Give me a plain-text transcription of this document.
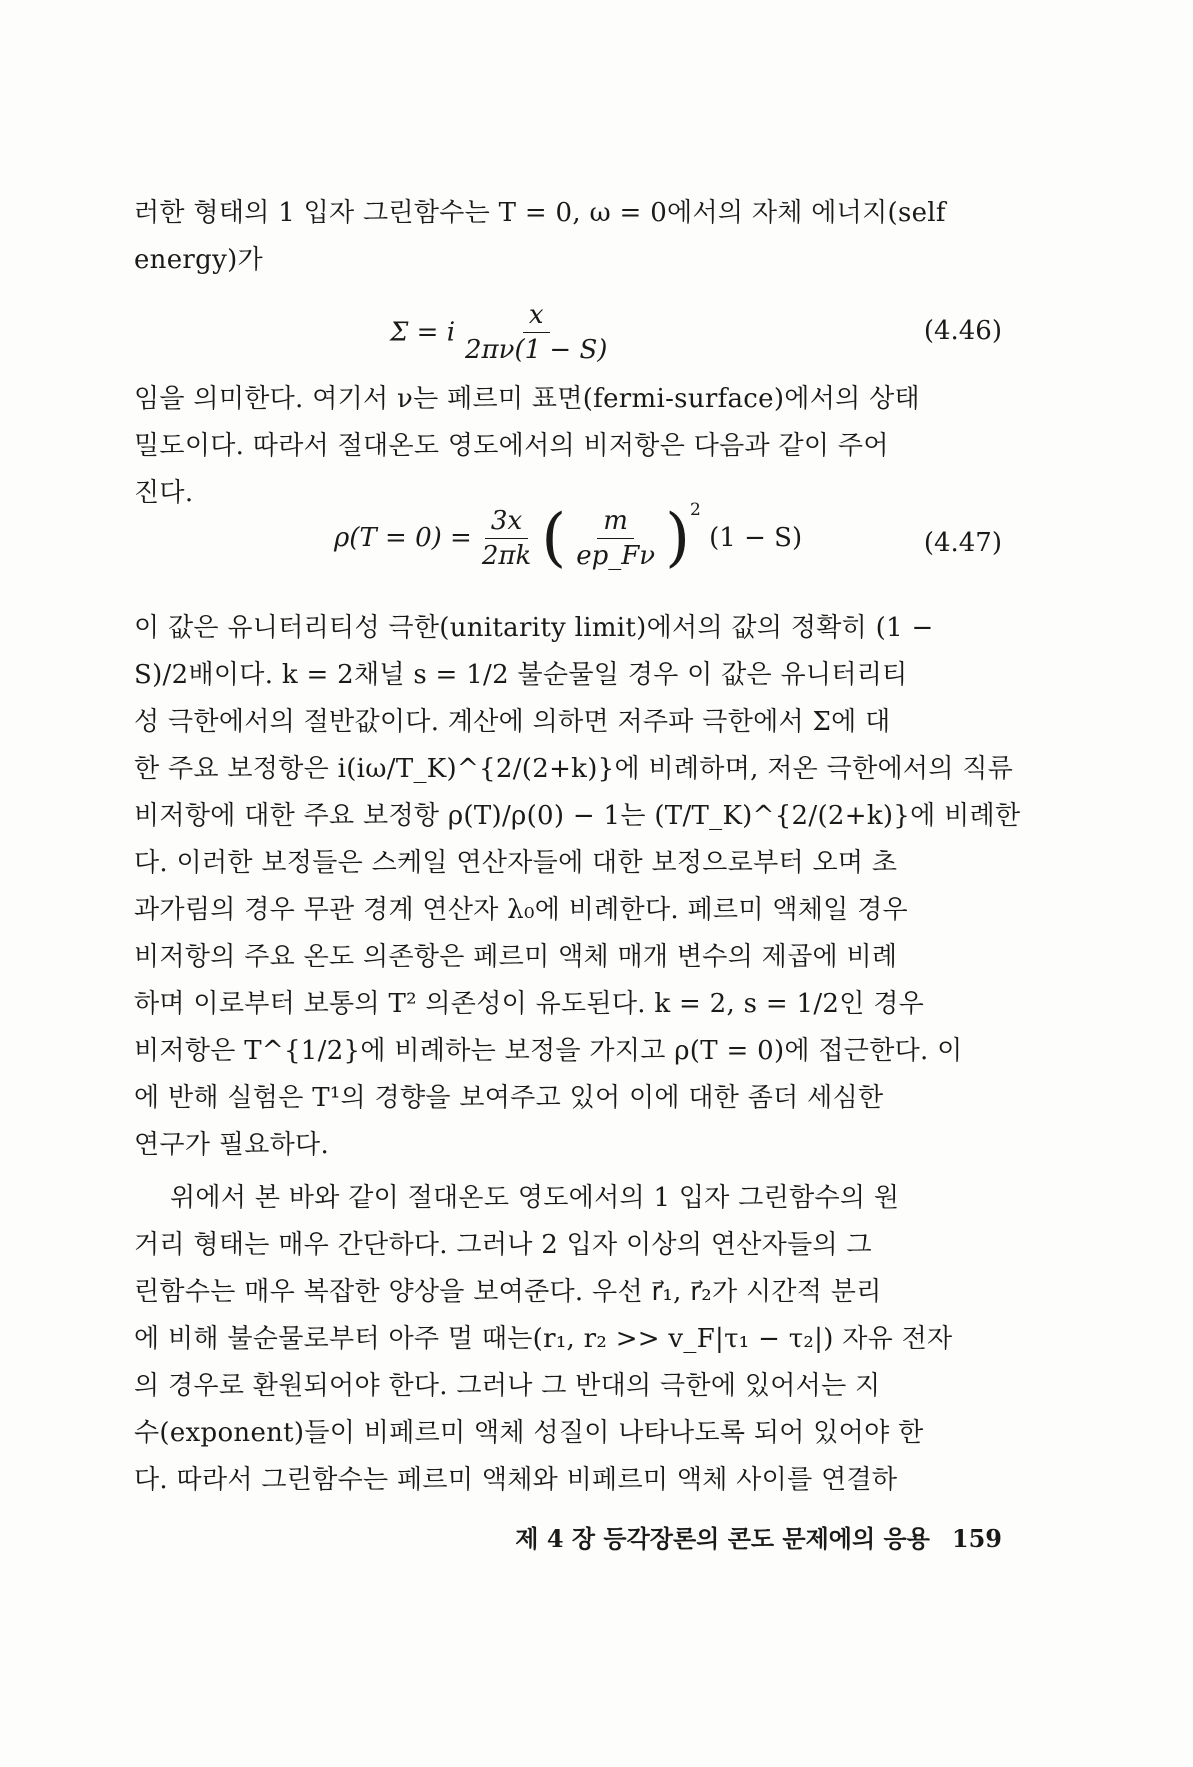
러한 형태의 1 입자 그린함수는 T = 0, ω = 0에서의 자체 에너지(self
energy)가
Σ = i $\frac{x}{2\pi\nu(1 - S)}$	(4.46)
임을 의미한다. 여기서 ν는 페르미 표면(fermi-surface)에서의 상태
밀도이다. 따라서 절대온도 영도에서의 비저항은 다음과 같이 주어
진다.
$\rho(T = 0) = \frac{3x}{2\pi k}$ ( $\frac{m}{ep\_F\nu} )^2$ (1 − S)	(4.47)
이 값은 유니터리티성 극한(unitarity limit)에서의 값의 정확히 (1 −
S)/2배이다. k = 2채널 s = 1/2 불순물일 경우 이 값은 유니터리티
성 극한에서의 절반값이다. 계산에 의하면 저주파 극한에서 Σ에 대
한 주요 보정항은 i(iω/T_K)^{2/(2+k)}에 비례하며, 저온 극한에서의 직류
비저항에 대한 주요 보정항 ρ(T)/ρ(0) − 1는 (T/T_K)^{2/(2+k)}에 비례한
다. 이러한 보정들은 스케일 연산자들에 대한 보정으로부터 오며 초
과가림의 경우 무관 경계 연산자 λ₀에 비례한다. 페르미 액체일 경우
비저항의 주요 온도 의존항은 페르미 액체 매개 변수의 제곱에 비례
하며 이로부터 보통의 T² 의존성이 유도된다. k = 2, s = 1/2인 경우
비저항은 T^{1/2}에 비례하는 보정을 가지고 ρ(T = 0)에 접근한다. 이
에 반해 실험은 T¹의 경향을 보여주고 있어 이에 대한 좀더 세심한
연구가 필요하다.
위에서 본 바와 같이 절대온도 영도에서의 1 입자 그린함수의 원
거리 형태는 매우 간단하다. 그러나 2 입자 이상의 연산자들의 그
린함수는 매우 복잡한 양상을 보여준다. 우선 r⃗₁, r⃗₂가 시간적 분리
에 비해 불순물로부터 아주 멀 때는(r₁, r₂ >> v_F|τ₁ − τ₂|) 자유 전자
의 경우로 환원되어야 한다. 그러나 그 반대의 극한에 있어서는 지
수(exponent)들이 비페르미 액체 성질이 나타나도록 되어 있어야 한
다. 따라서 그린함수는 페르미 액체와 비페르미 액체 사이를 연결하
제 4 장 등각장론의 콘도 문제에의 응용 159
